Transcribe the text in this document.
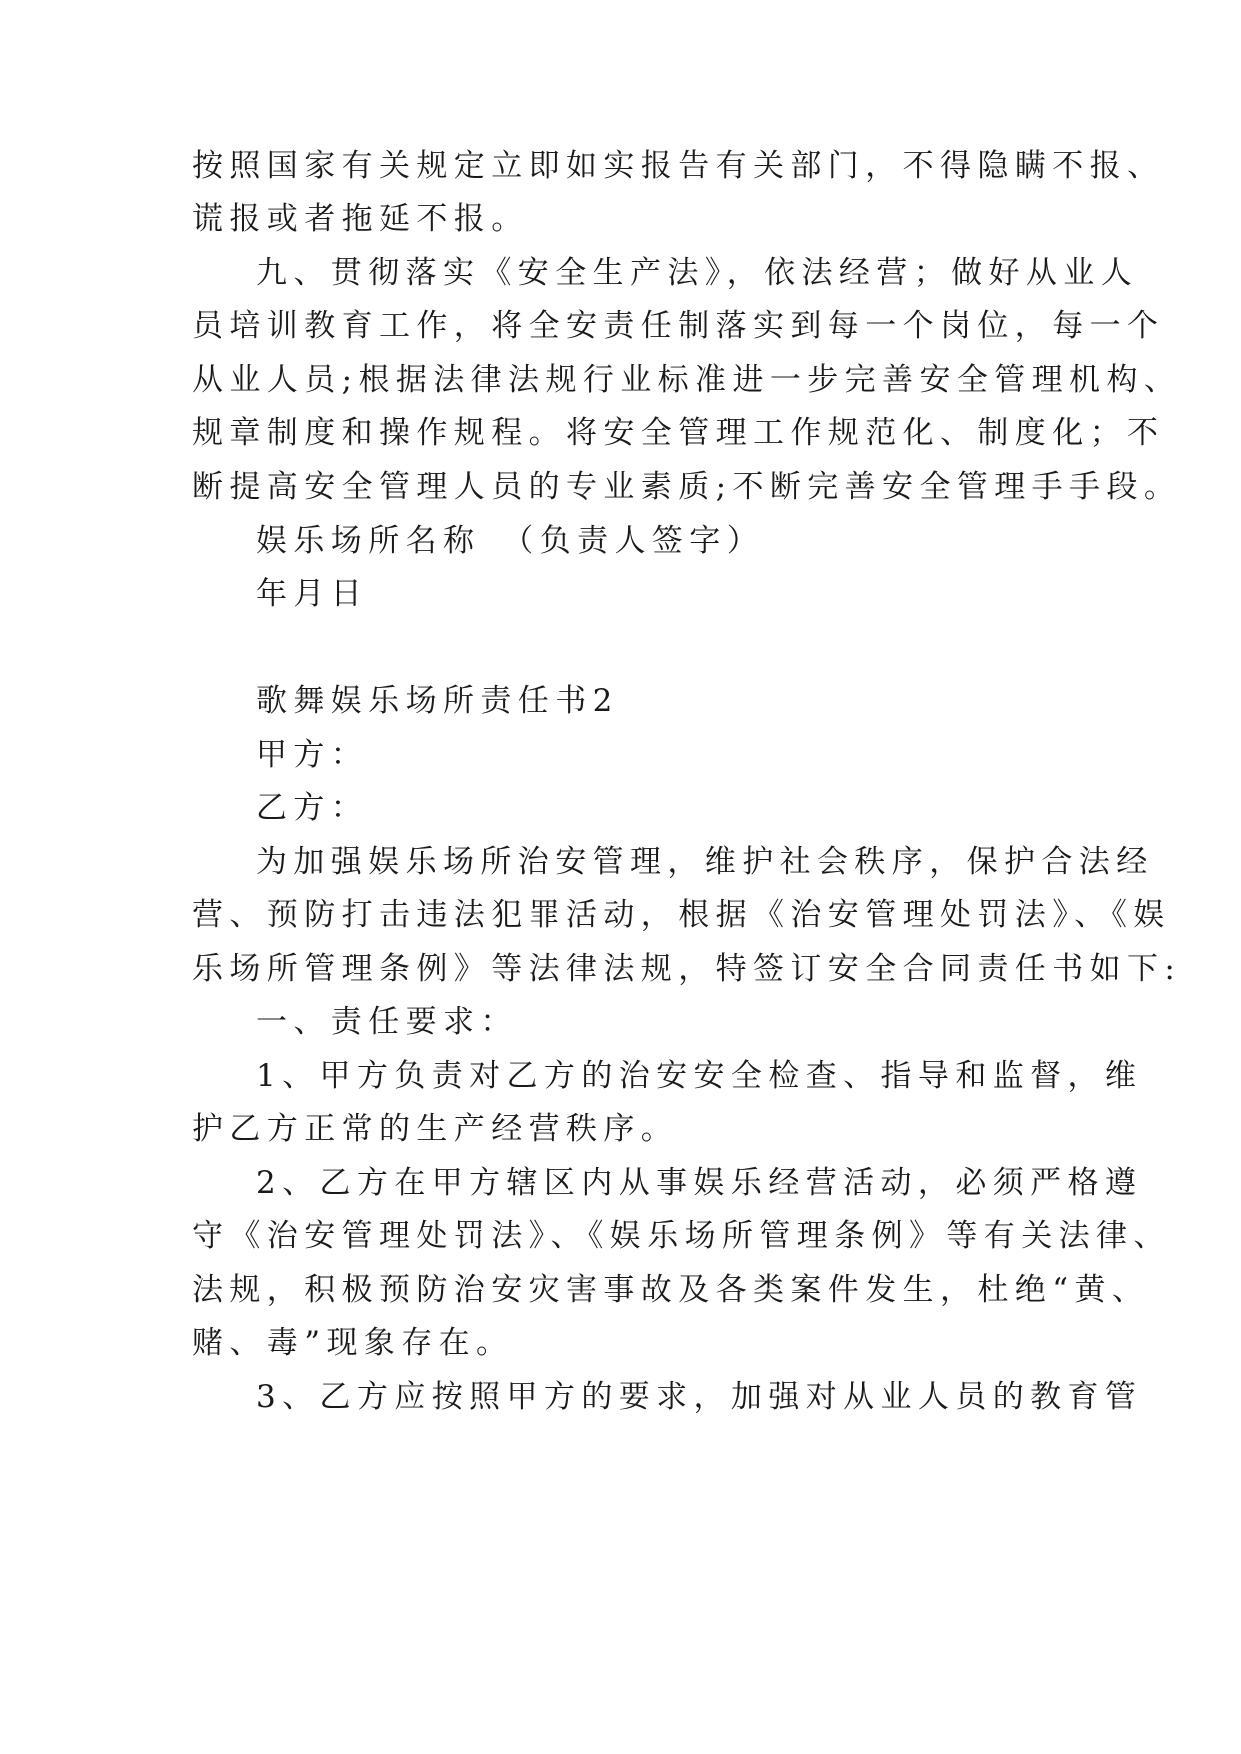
按照国家有关规定立即如实报告有关部门，不得隐瞒不报、
谎报或者拖延不报。
九、贯彻落实《安全生产法》，依法经营；做好从业人
员培训教育工作，将全安责任制落实到每一个岗位，每一个
从业人员;根据法律法规行业标准进一步完善安全管理机构、
规章制度和操作规程。将安全管理工作规范化、制度化；不
断提高安全管理人员的专业素质;不断完善安全管理手手段。
娱乐场所名称　（负责人签字）
年月日
歌舞娱乐场所责任书2
甲方：
乙方：
为加强娱乐场所治安管理，维护社会秩序，保护合法经
营、预防打击违法犯罪活动，根据《治安管理处罚法》、《娱
乐场所管理条例》等法律法规，特签订安全合同责任书如下:
一、责任要求：
1、甲方负责对乙方的治安安全检查、指导和监督，维
护乙方正常的生产经营秩序。
2、乙方在甲方辖区内从事娱乐经营活动，必须严格遵
守《治安管理处罚法》、《娱乐场所管理条例》等有关法律、
法规，积极预防治安灾害事故及各类案件发生，杜绝“黄、
赌、毒”现象存在。
3、乙方应按照甲方的要求，加强对从业人员的教育管
